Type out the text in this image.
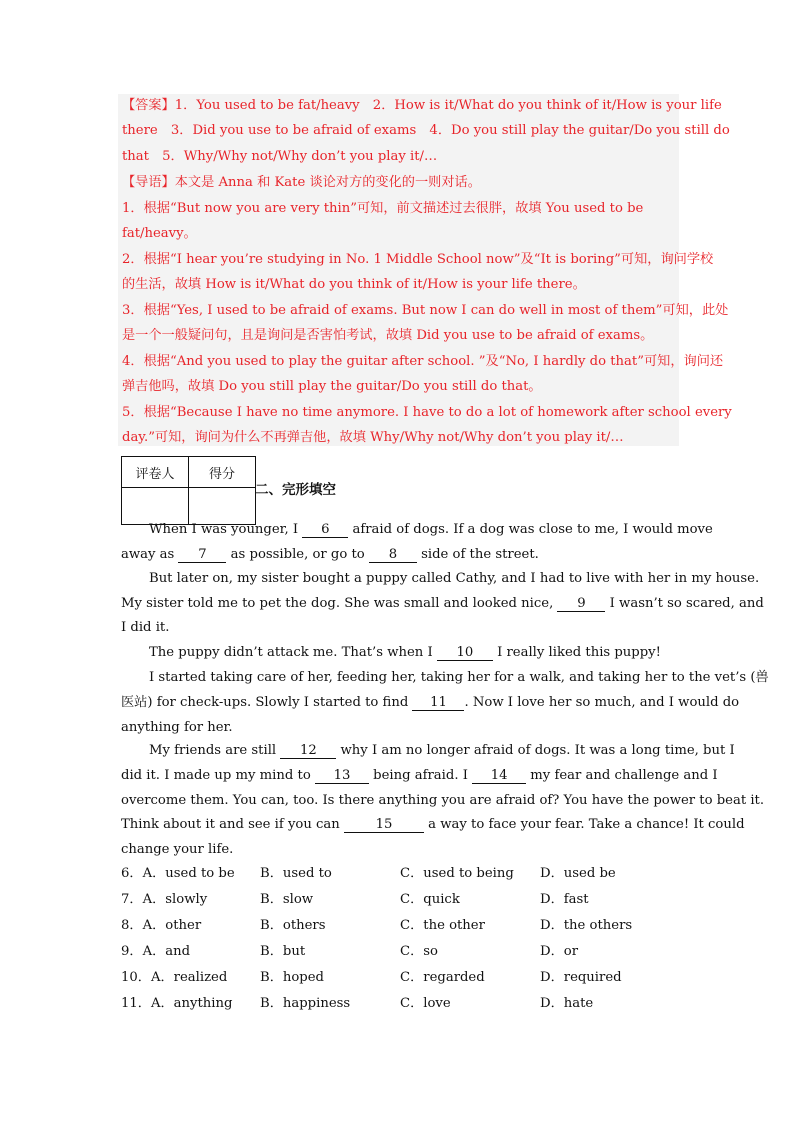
【答案】1．You used to be fat/heavy　2．How is it/What do you think of it/How is your life
there　3．Did you use to be afraid of exams　4．Do you still play the guitar/Do you still do
that　5．Why/Why not/Why don’t you play it/…
【导语】本文是 Anna 和 Kate 谈论对方的变化的一则对话。
1．根据“But now you are very thin”可知，前文描述过去很胖，故填 You used to be
fat/heavy。
2．根据“I hear you’re studying in No. 1 Middle School now”及“It is boring”可知，询问学校
的生活，故填 How is it/What do you think of it/How is your life there。
3．根据“Yes, I used to be afraid of exams. But now I can do well in most of them”可知，此处
是一个一般疑问句，且是询问是否害怕考试，故填 Did you use to be afraid of exams。
4．根据“And you used to play the guitar after school. ”及“No, I hardly do that”可知，询问还
弹吉他吗，故填 Do you still play the guitar/Do you still do that。
5．根据“Because I have no time anymore. I have to do a lot of homework after school every
day.”可知，询问为什么不再弹吉他，故填 Why/Why not/Why don’t you play it/…
评卷人	得分

二、完形填空
When I was younger, I 6 afraid of dogs. If a dog was close to me, I would move
away as 7 as possible, or go to 8 side of the street.
But later on, my sister bought a puppy called Cathy, and I had to live with her in my house.
My sister told me to pet the dog. She was small and looked nice, 9 I wasn’t so scared, and
I did it.
The puppy didn’t attack me. That’s when I 10 I really liked this puppy!
I started taking care of her, feeding her, taking her for a walk, and taking her to the vet’s (兽
医站) for check-ups. Slowly I started to find 11 . Now I love her so much, and I would do
anything for her.
My friends are still 12 why I am no longer afraid of dogs. It was a long time, but I
did it. I made up my mind to 13 being afraid. I 14 my fear and challenge and I
overcome them. You can, too. Is there anything you are afraid of? You have the power to beat it.
Think about it and see if you can 15 a way to face your fear. Take a chance! It could
change your life.
6．A．used to be B．used to	C．used to being D．used be
7．A．slowly	B．slow	C．quick	D．fast
8．A．other	B．others	C．the other	D．the others
9．A．and	B．but	C．so	D．or
10．A．realized B．hoped	C．regarded	D．required
11．A．anything B．happiness	C．love	D．hate
